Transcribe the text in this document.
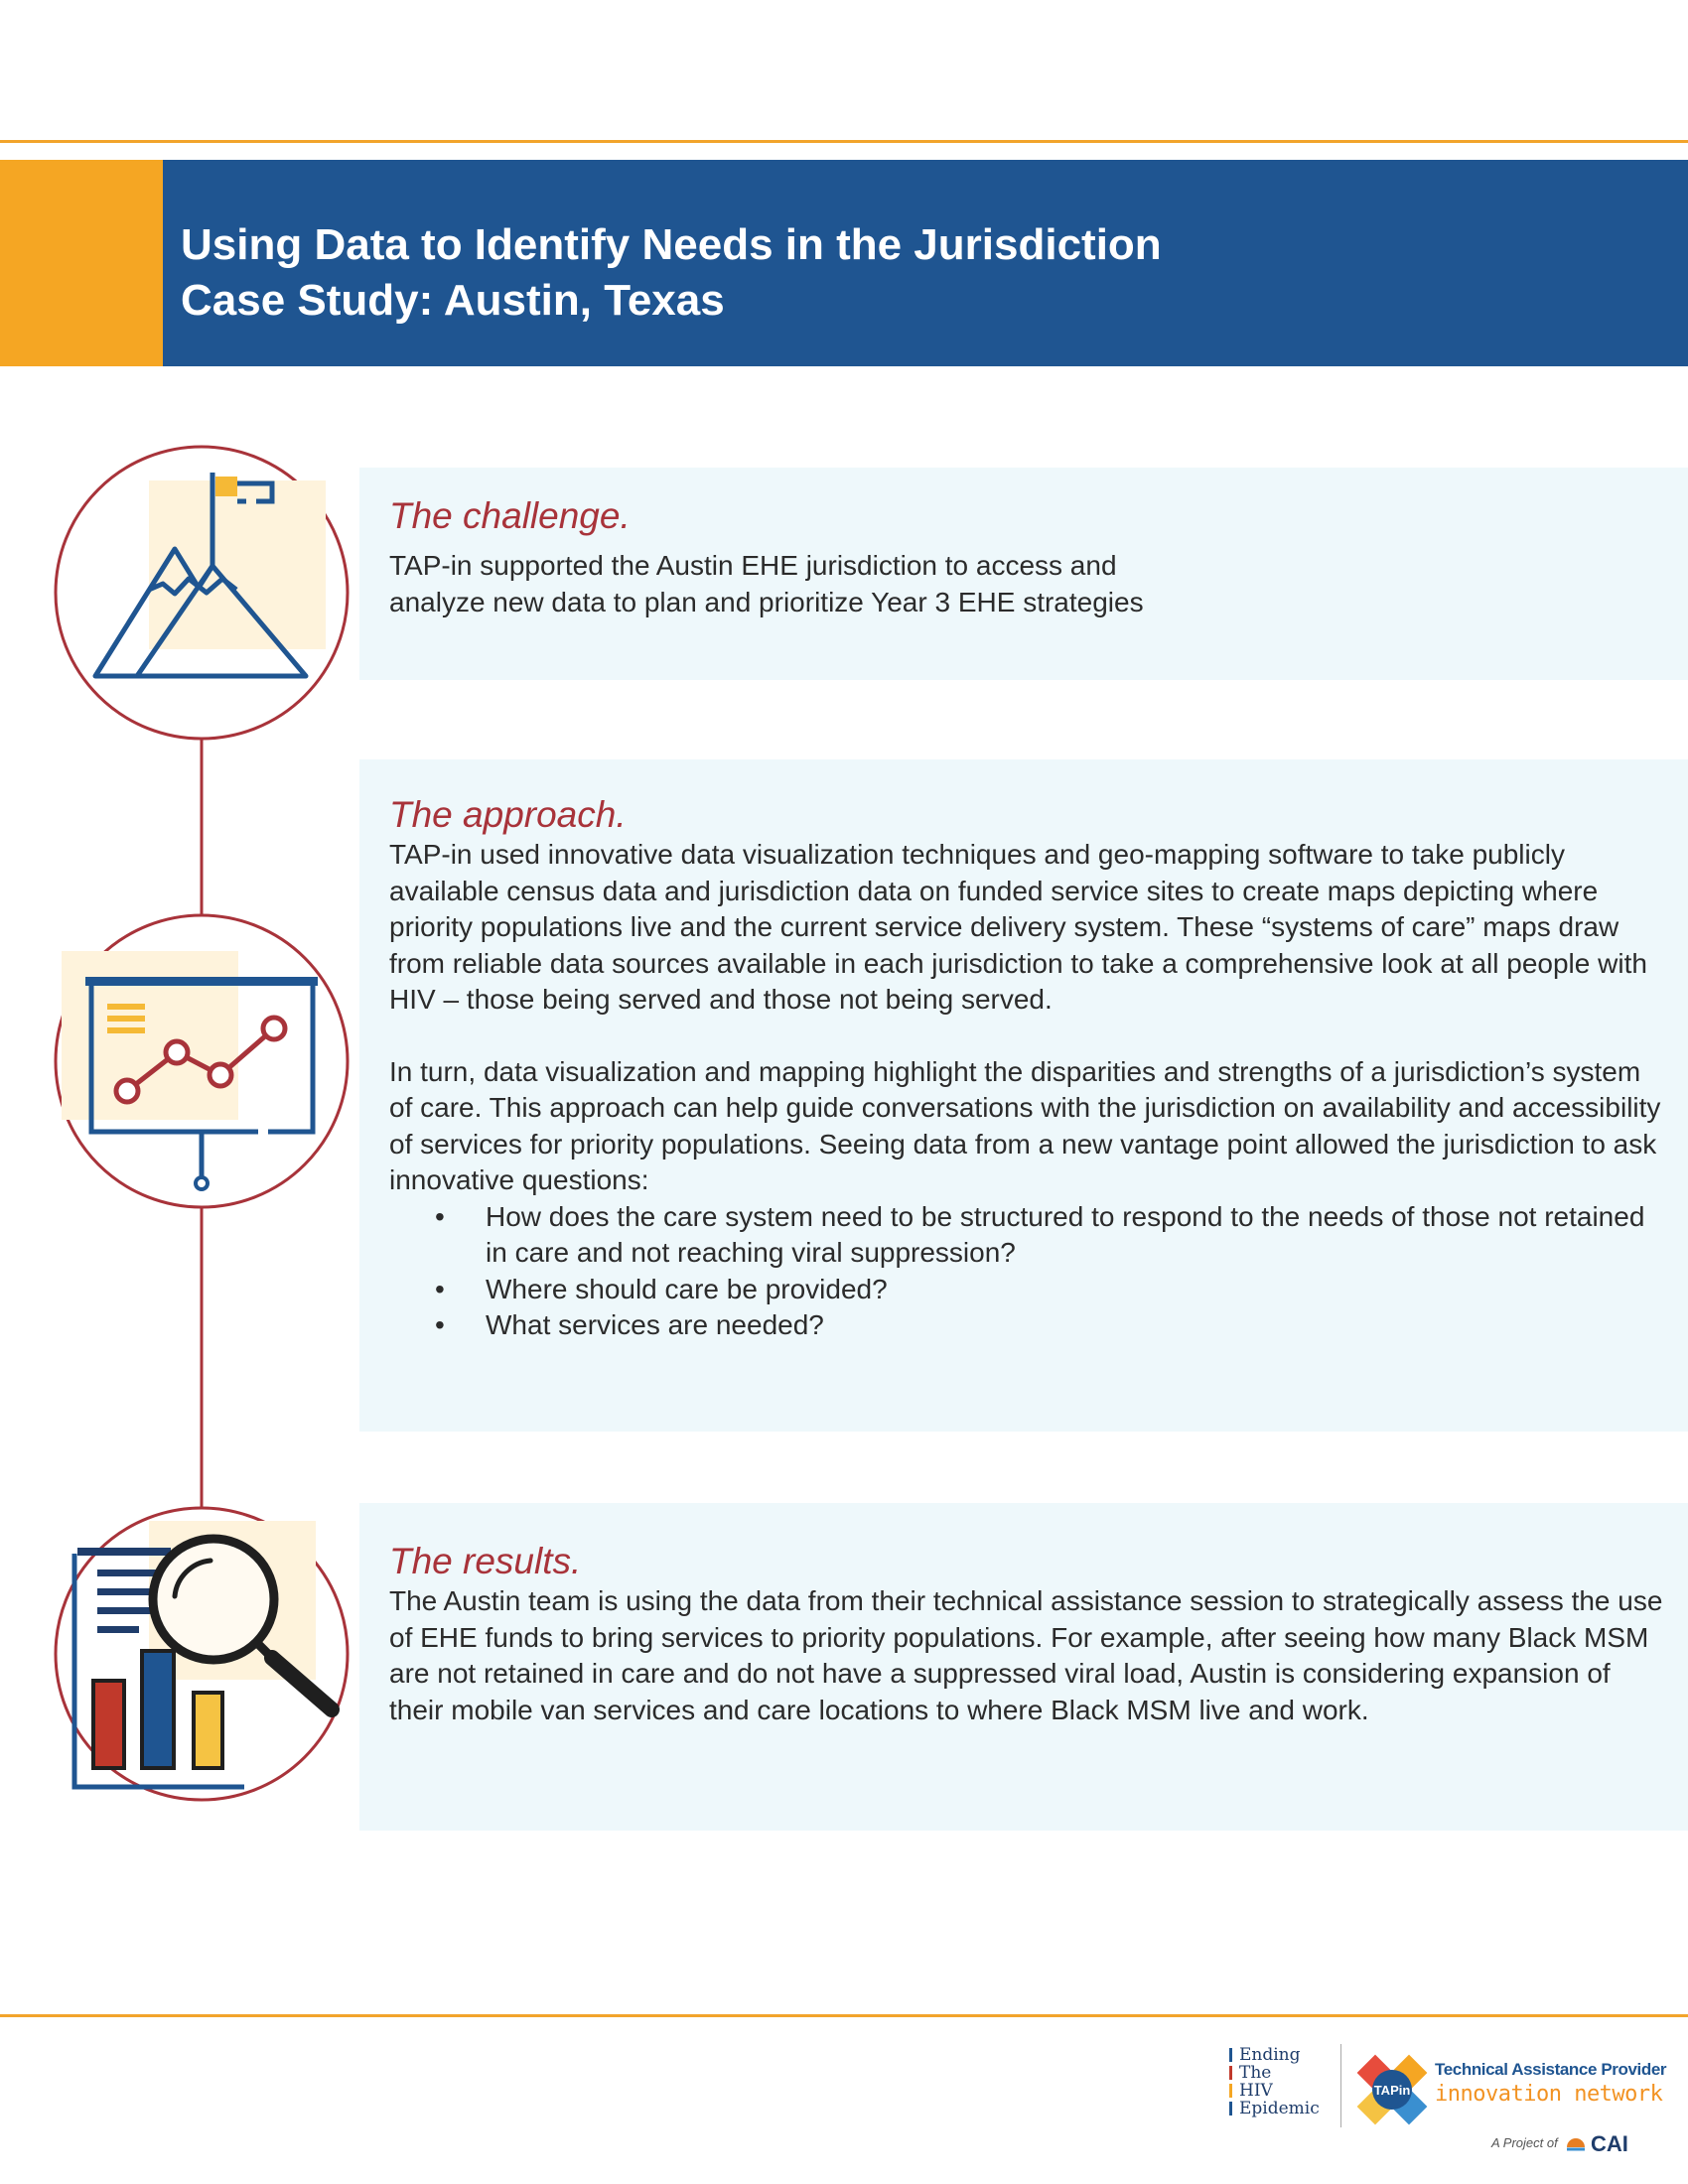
Using Data to Identify Needs in the Jurisdiction
Case Study: Austin, Texas
The challenge.

TAP-in supported the Austin EHE jurisdiction to access and
analyze new data to plan and prioritize Year 3 EHE strategies

The approach.

TAP-in used innovative data visualization techniques and geo-mapping software to take publicly available census data and jurisdiction data on funded service sites to create maps depicting where priority populations live and the current service delivery system. These “systems of care” maps draw from reliable data sources available in each jurisdiction to take a comprehensive look at all people with HIV – those being served and those not being served.

In turn, data visualization and mapping highlight the disparities and strengths of a jurisdiction’s system of care. This approach can help guide conversations with the jurisdiction on availability and accessibility of services for priority populations. Seeing data from a new vantage point allowed the jurisdiction to ask innovative questions:

• How does the care system need to be structured to respond to the needs of those not retained in care and not reaching viral suppression?
• Where should care be provided?
• What services are needed?
The results.

The Austin team is using the data from their technical assistance session to strategically assess the use of EHE funds to bring services to priority populations. For example, after seeing how many Black MSM are not retained in care and do not have a suppressed viral load, Austin is considering expansion of their mobile van services and care locations to where Black MSM live and work.

Ending
The
HIV
Epidemic
TAPin
Technical Assistance Provider
innovation network
A Project of CAI
